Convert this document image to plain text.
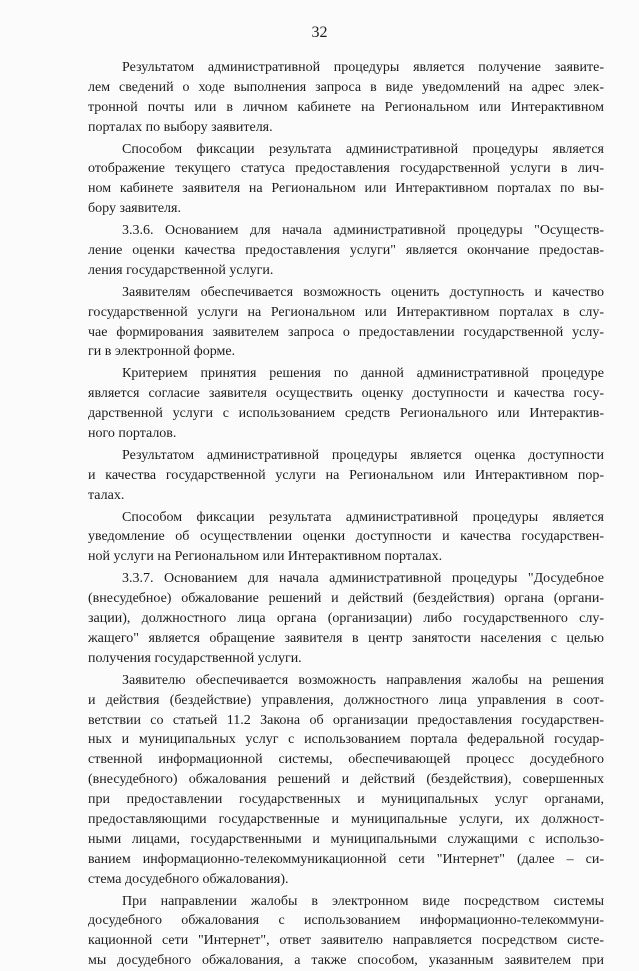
32
Результатом административной процедуры является получение заявите-
лем сведений о ходе выполнения запроса в виде уведомлений на адрес элек-
тронной почты или в личном кабинете на Региональном или Интерактивном
порталах по выбору заявителя.
Способом фиксации результата административной процедуры является
отображение текущего статуса предоставления государственной услуги в лич-
ном кабинете заявителя на Региональном или Интерактивном порталах по вы-
бору заявителя.
3.3.6. Основанием для начала административной процедуры "Осуществ-
ление оценки качества предоставления услуги" является окончание предостав-
ления государственной услуги.
Заявителям обеспечивается возможность оценить доступность и качество
государственной услуги на Региональном или Интерактивном порталах в слу-
чае формирования заявителем запроса о предоставлении государственной услу-
ги в электронной форме.
Критерием принятия решения по данной административной процедуре
является согласие заявителя осуществить оценку доступности и качества госу-
дарственной услуги с использованием средств Регионального или Интерактив-
ного порталов.
Результатом административной процедуры является оценка доступности
и качества государственной услуги на Региональном или Интерактивном пор-
талах.
Способом фиксации результата административной процедуры является
уведомление об осуществлении оценки доступности и качества государствен-
ной услуги на Региональном или Интерактивном порталах.
3.3.7. Основанием для начала административной процедуры "Досудебное
(внесудебное) обжалование решений и действий (бездействия) органа (органи-
зации), должностного лица органа (организации) либо государственного слу-
жащего" является обращение заявителя в центр занятости населения с целью
получения государственной услуги.
Заявителю обеспечивается возможность направления жалобы на решения
и действия (бездействие) управления, должностного лица управления в соот-
ветствии со статьей 11.2 Закона об организации предоставления государствен-
ных и муниципальных услуг с использованием портала федеральной государ-
ственной информационной системы, обеспечивающей процесс досудебного
(внесудебного) обжалования решений и действий (бездействия), совершенных
при предоставлении государственных и муниципальных услуг органами,
предоставляющими государственные и муниципальные услуги, их должност-
ными лицами, государственными и муниципальными служащими с использо-
ванием информационно-телекоммуникационной сети "Интернет" (далее – си-
стема досудебного обжалования).
При направлении жалобы в электронном виде посредством системы
досудебного обжалования с использованием информационно-телекоммуни-
кационной сети "Интернет", ответ заявителю направляется посредством систе-
мы досудебного обжалования, а также способом, указанным заявителем при
